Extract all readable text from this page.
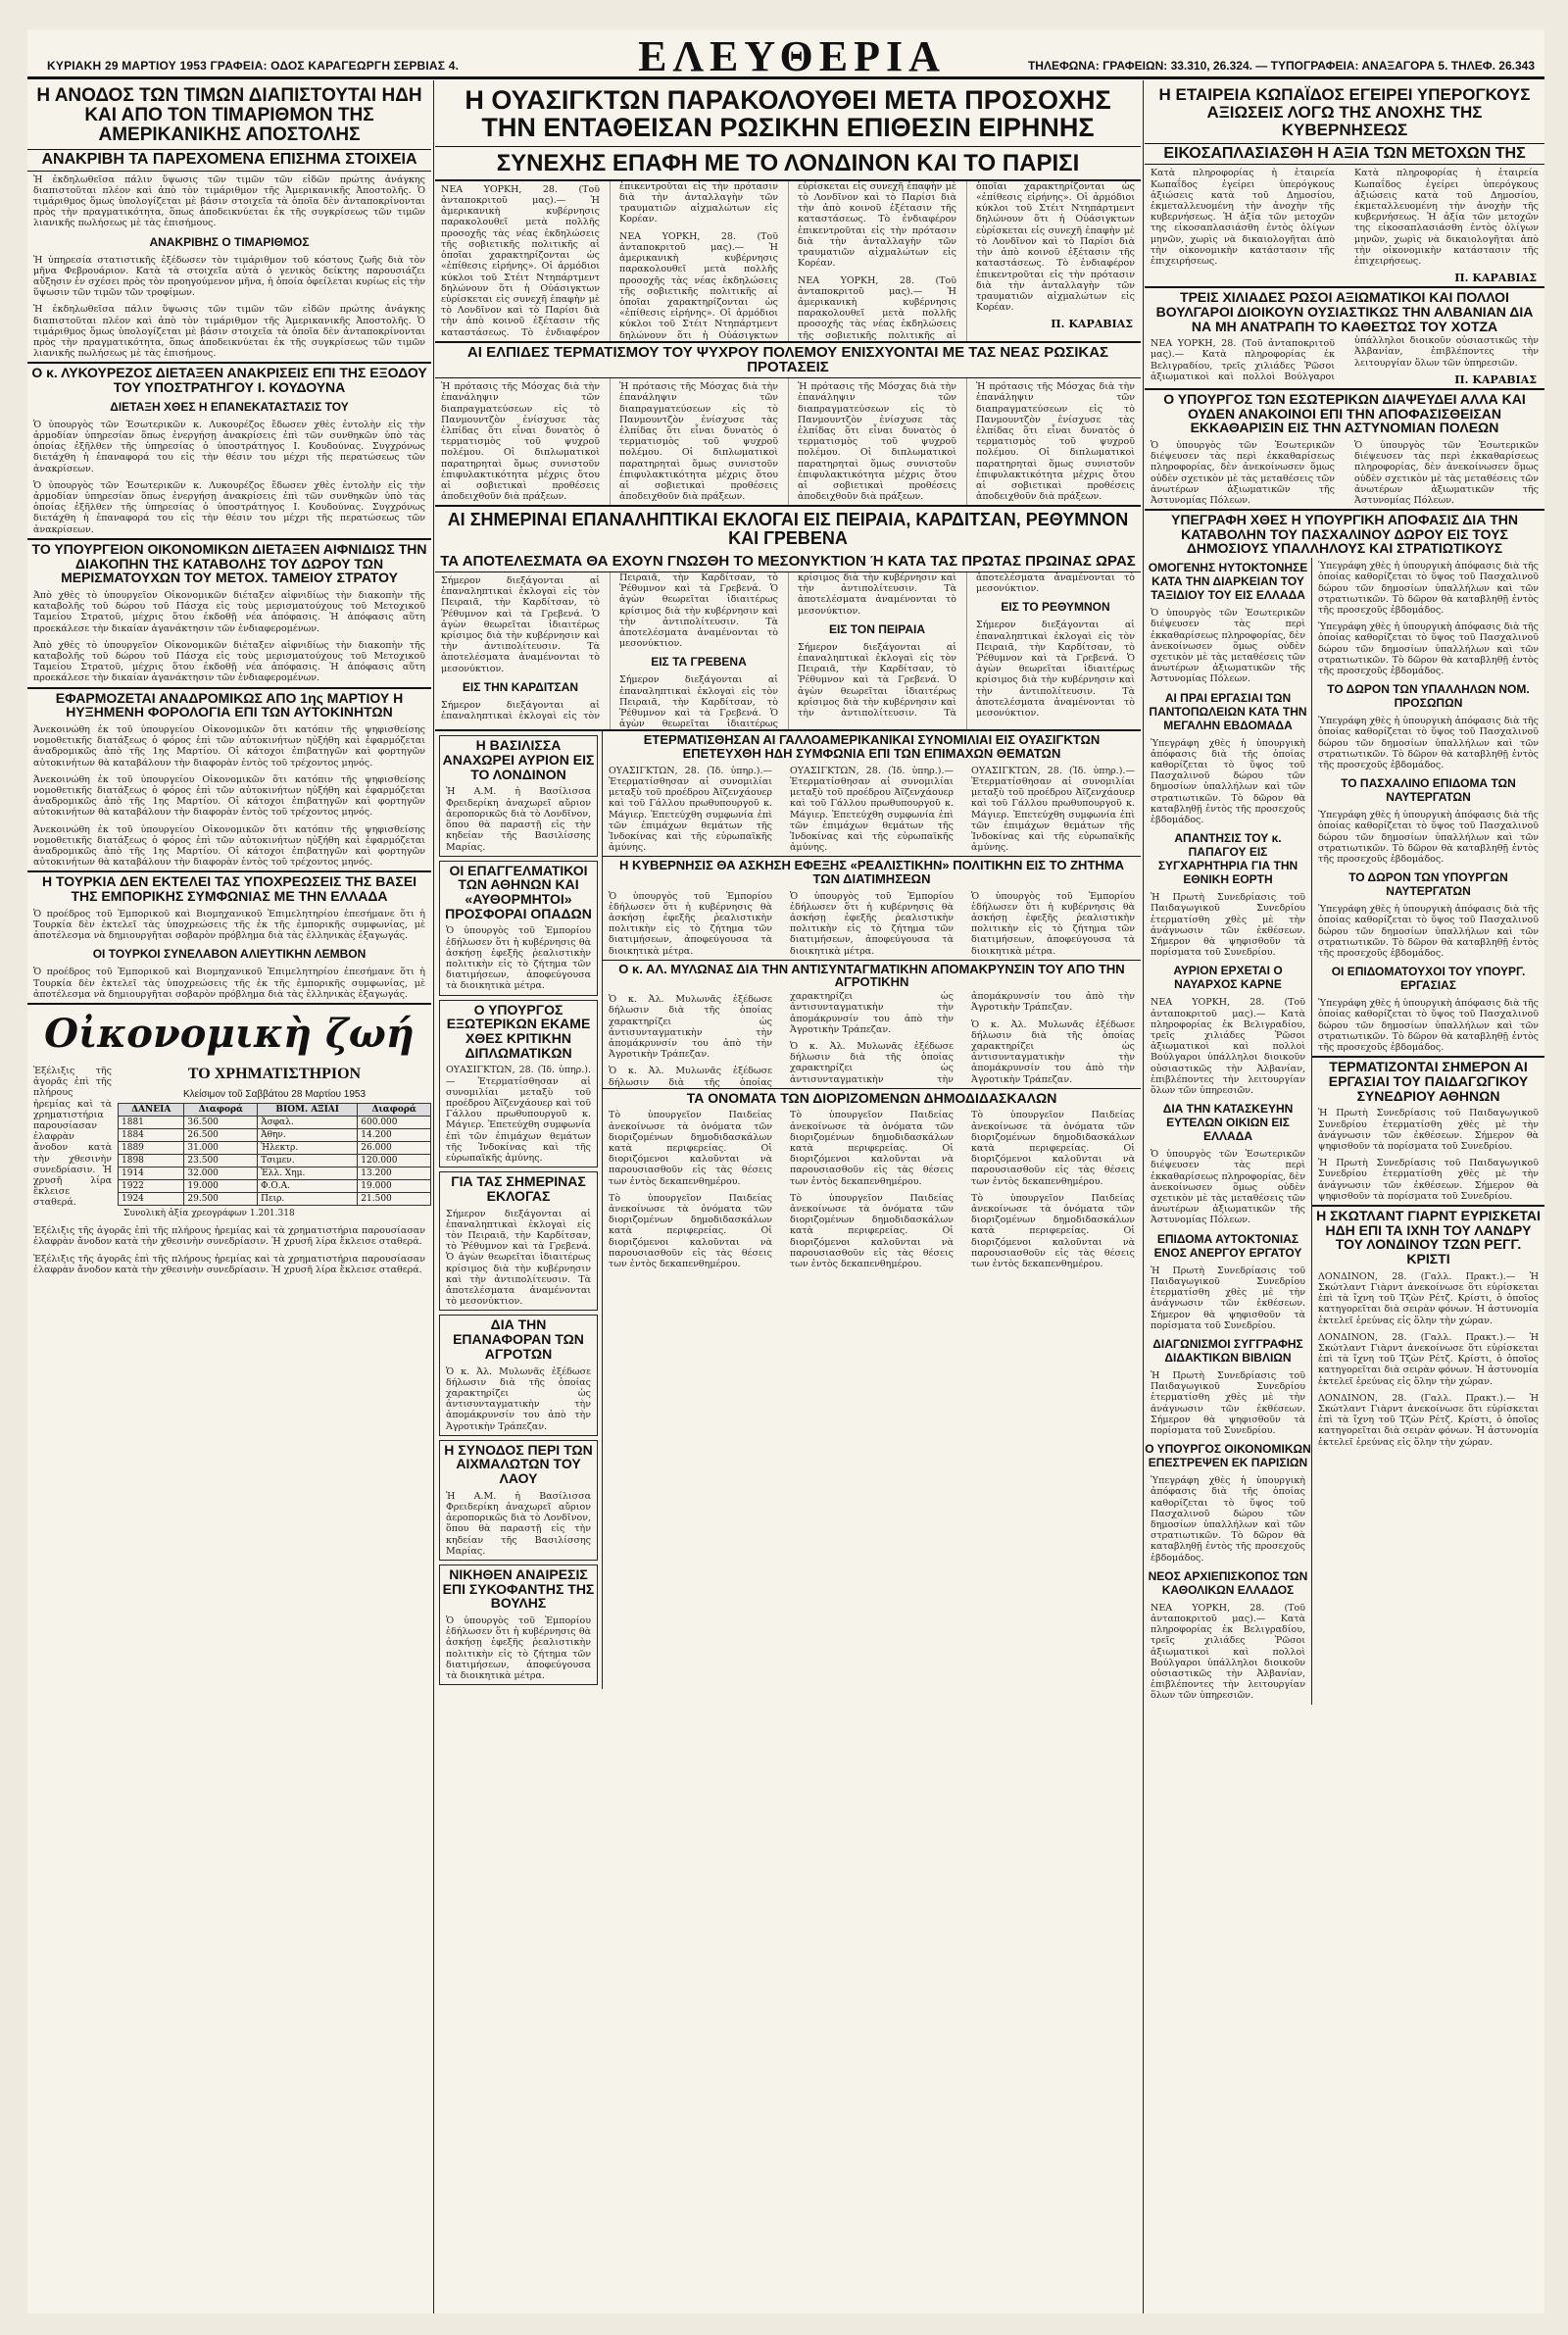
ΚΥΡΙΑΚΗ 29 ΜΑΡΤΙΟΥ 1953 ΓΡΑΦΕΙΑ: ΟΔΟΣ ΚΑΡΑΓΕΩΡΓΗ ΣΕΡΒΙΑΣ 4.	ΕΛΕΥΘΕΡΙΑ	ΤΗΛΕΦΩΝΑ: ΓΡΑΦΕΙΩΝ: 33.310, 26.324. — ΤΥΠΟΓΡΑΦΕΙΑ: ΑΝΑΞΑΓΟΡΑ 5. ΤΗΛΕΦ. 26.343
Η ΑΝΟΔΟΣ ΤΩΝ ΤΙΜΩΝ ΔΙΑΠΙΣΤΟΥΤΑΙ ΗΔΗ ΚΑΙ ΑΠΟ ΤΟΝ ΤΙΜΑΡΙΘΜΟΝ ΤΗΣ ΑΜΕΡΙΚΑΝΙΚΗΣ ΑΠΟΣΤΟΛΗΣ
ΑΝΑΚΡΙΒΗ ΤΑ ΠΑΡΕΧΟΜΕΝΑ ΕΠΙΣΗΜΑ ΣΤΟΙΧΕΙΑ

Ἡ ἐκδηλωθεῖσα πάλιν ὕψωσις τῶν τιμῶν τῶν εἰδῶν πρώτης ἀνάγκης διαπιστοῦται πλέον καὶ ἀπὸ τὸν τιμάριθμον τῆς Ἀμερικανικῆς Ἀποστολῆς. Ὁ τιμάριθμος ὅμως ὑπολογίζεται μὲ βάσιν στοιχεῖα τὰ ὁποῖα δὲν ἀνταποκρίνονται πρὸς τὴν πραγματικότητα, ὅπως ἀποδεικνύεται ἐκ τῆς συγκρίσεως τῶν τιμῶν λιανικῆς πωλήσεως μὲ τὰς ἐπισήμους.

ΑΝΑΚΡΙΒΗΣ Ο ΤΙΜΑΡΙΘΜΟΣ

Ἡ ὑπηρεσία στατιστικῆς ἐξέδωσεν τὸν τιμάριθμον τοῦ κόστους ζωῆς διὰ τὸν μῆνα Φεβρουάριον. Κατὰ τὰ στοιχεῖα αὐτὰ ὁ γενικὸς δείκτης παρουσιάζει αὔξησιν ἐν σχέσει πρὸς τὸν προηγούμενον μῆνα, ἡ ὁποία ὀφείλεται κυρίως εἰς τὴν ὕψωσιν τῶν τιμῶν τῶν τροφίμων.

Ἡ ἐκδηλωθεῖσα πάλιν ὕψωσις τῶν τιμῶν τῶν εἰδῶν πρώτης ἀνάγκης διαπιστοῦται πλέον καὶ ἀπὸ τὸν τιμάριθμον τῆς Ἀμερικανικῆς Ἀποστολῆς. Ὁ τιμάριθμος ὅμως ὑπολογίζεται μὲ βάσιν στοιχεῖα τὰ ὁποῖα δὲν ἀνταποκρίνονται πρὸς τὴν πραγματικότητα, ὅπως ἀποδεικνύεται ἐκ τῆς συγκρίσεως τῶν τιμῶν λιανικῆς πωλήσεως μὲ τὰς ἐπισήμους.

Ο κ. ΛΥΚΟΥΡΕΖΟΣ ΔΙΕΤΑΞΕΝ ΑΝΑΚΡΙΣΕΙΣ ΕΠΙ ΤΗΣ ΕΞΟΔΟΥ ΤΟΥ ΥΠΟΣΤΡΑΤΗΓΟΥ Ι. ΚΟΥΔΟΥΝΑ
ΔΙΕΤΑΞΗ ΧΘΕΣ Η ΕΠΑΝΕΚΑΤΑΣΤΑΣΙΣ ΤΟΥ

Ὁ ὑπουργὸς τῶν Ἐσωτερικῶν κ. Λυκουρέζος ἔδωσεν χθὲς ἐντολὴν εἰς τὴν ἀρμοδίαν ὑπηρεσίαν ὅπως ἐνεργήσῃ ἀνακρίσεις ἐπὶ τῶν συνθηκῶν ὑπὸ τὰς ὁποίας ἐξῆλθεν τῆς ὑπηρεσίας ὁ ὑποστράτηγος Ι. Κουδούνας. Συγχρόνως διετάχθη ἡ ἐπαναφορά του εἰς τὴν θέσιν του μέχρι τῆς περατώσεως τῶν ἀνακρίσεων.

Ὁ ὑπουργὸς τῶν Ἐσωτερικῶν κ. Λυκουρέζος ἔδωσεν χθὲς ἐντολὴν εἰς τὴν ἀρμοδίαν ὑπηρεσίαν ὅπως ἐνεργήσῃ ἀνακρίσεις ἐπὶ τῶν συνθηκῶν ὑπὸ τὰς ὁποίας ἐξῆλθεν τῆς ὑπηρεσίας ὁ ὑποστράτηγος Ι. Κουδούνας. Συγχρόνως διετάχθη ἡ ἐπαναφορά του εἰς τὴν θέσιν του μέχρι τῆς περατώσεως τῶν ἀνακρίσεων.

ΤΟ ΥΠΟΥΡΓΕΙΟΝ ΟΙΚΟΝΟΜΙΚΩΝ ΔΙΕΤΑΞΕΝ ΑΙΦΝΙΔΙΩΣ ΤΗΝ ΔΙΑΚΟΠΗΝ ΤΗΣ ΚΑΤΑΒΟΛΗΣ ΤΟΥ ΔΩΡΟΥ ΤΩΝ ΜΕΡΙΣΜΑΤΟΥΧΩΝ ΤΟΥ ΜΕΤΟΧ. ΤΑΜΕΙΟΥ ΣΤΡΑΤΟΥ

Ἀπὸ χθὲς τὸ ὑπουργεῖον Οἰκονομικῶν διέταξεν αἰφνιδίως τὴν διακοπὴν τῆς καταβολῆς τοῦ δώρου τοῦ Πάσχα εἰς τοὺς μερισματούχους τοῦ Μετοχικοῦ Ταμείου Στρατοῦ, μέχρις ὅτου ἐκδοθῇ νέα ἀπόφασις. Ἡ ἀπόφασις αὕτη προεκάλεσε τὴν δικαίαν ἀγανάκτησιν τῶν ἐνδιαφερομένων.

Ἀπὸ χθὲς τὸ ὑπουργεῖον Οἰκονομικῶν διέταξεν αἰφνιδίως τὴν διακοπὴν τῆς καταβολῆς τοῦ δώρου τοῦ Πάσχα εἰς τοὺς μερισματούχους τοῦ Μετοχικοῦ Ταμείου Στρατοῦ, μέχρις ὅτου ἐκδοθῇ νέα ἀπόφασις. Ἡ ἀπόφασις αὕτη προεκάλεσε τὴν δικαίαν ἀγανάκτησιν τῶν ἐνδιαφερομένων.

ΕΦΑΡΜΟΖΕΤΑΙ ΑΝΑΔΡΟΜΙΚΩΣ ΑΠΟ 1ης ΜΑΡΤΙΟΥ Η ΗΥΞΗΜΕΝΗ ΦΟΡΟΛΟΓΙΑ ΕΠΙ ΤΩΝ ΑΥΤΟΚΙΝΗΤΩΝ

Ἀνεκοινώθη ἐκ τοῦ ὑπουργείου Οἰκονομικῶν ὅτι κατόπιν τῆς ψηφισθείσης νομοθετικῆς διατάξεως ὁ φόρος ἐπὶ τῶν αὐτοκινήτων ηὐξήθη καὶ ἐφαρμόζεται ἀναδρομικῶς ἀπὸ τῆς 1ης Μαρτίου. Οἱ κάτοχοι ἐπιβατηγῶν καὶ φορτηγῶν αὐτοκινήτων θὰ καταβάλουν τὴν διαφορὰν ἐντὸς τοῦ τρέχοντος μηνός.

Ἀνεκοινώθη ἐκ τοῦ ὑπουργείου Οἰκονομικῶν ὅτι κατόπιν τῆς ψηφισθείσης νομοθετικῆς διατάξεως ὁ φόρος ἐπὶ τῶν αὐτοκινήτων ηὐξήθη καὶ ἐφαρμόζεται ἀναδρομικῶς ἀπὸ τῆς 1ης Μαρτίου. Οἱ κάτοχοι ἐπιβατηγῶν καὶ φορτηγῶν αὐτοκινήτων θὰ καταβάλουν τὴν διαφορὰν ἐντὸς τοῦ τρέχοντος μηνός.

Ἀνεκοινώθη ἐκ τοῦ ὑπουργείου Οἰκονομικῶν ὅτι κατόπιν τῆς ψηφισθείσης νομοθετικῆς διατάξεως ὁ φόρος ἐπὶ τῶν αὐτοκινήτων ηὐξήθη καὶ ἐφαρμόζεται ἀναδρομικῶς ἀπὸ τῆς 1ης Μαρτίου. Οἱ κάτοχοι ἐπιβατηγῶν καὶ φορτηγῶν αὐτοκινήτων θὰ καταβάλουν τὴν διαφορὰν ἐντὸς τοῦ τρέχοντος μηνός.

Η ΤΟΥΡΚΙΑ ΔΕΝ ΕΚΤΕΛΕΙ ΤΑΣ ΥΠΟΧΡΕΩΣΕΙΣ ΤΗΣ ΒΑΣΕΙ ΤΗΣ ΕΜΠΟΡΙΚΗΣ ΣΥΜΦΩΝΙΑΣ ΜΕ ΤΗΝ ΕΛΛΑΔΑ

Ὁ προέδρος τοῦ Ἐμπορικοῦ καὶ Βιομηχανικοῦ Ἐπιμελητηρίου ἐπεσήμανε ὅτι ἡ Τουρκία δὲν ἐκτελεῖ τὰς ὑποχρεώσεις τῆς ἐκ τῆς ἐμπορικῆς συμφωνίας, μὲ ἀποτέλεσμα νὰ δημιουργῆται σοβαρὸν πρόβλημα διὰ τὰς ἑλληνικὰς ἐξαγωγάς.

ΟΙ ΤΟΥΡΚΟΙ ΣΥΝΕΛΑΒΟΝ ΑΛΙΕΥΤΙΚΗΝ ΛΕΜΒΟΝ

Ὁ προέδρος τοῦ Ἐμπορικοῦ καὶ Βιομηχανικοῦ Ἐπιμελητηρίου ἐπεσήμανε ὅτι ἡ Τουρκία δὲν ἐκτελεῖ τὰς ὑποχρεώσεις τῆς ἐκ τῆς ἐμπορικῆς συμφωνίας, μὲ ἀποτέλεσμα νὰ δημιουργῆται σοβαρὸν πρόβλημα διὰ τὰς ἑλληνικὰς ἐξαγωγάς.

Οἰκονομικὴ ζωή

Ἐξέλιξις τῆς ἀγορᾶς ἐπὶ τῆς πλήρους ἠρεμίας καὶ τὰ χρηματιστήρια παρουσίασαν ἐλαφρὰν ἄνοδον κατὰ τὴν χθεσινὴν συνεδρίασιν. Ἡ χρυσῆ λίρα ἔκλεισε σταθερά.

ΤΟ ΧΡΗΜΑΤΙΣΤΗΡΙΟΝ
Κλείσιμον τοῦ Σαββάτου 28 Μαρτίου 1953
ΔΑΝΕΙΑ	Διαφορά	ΒΙΟΜ. ΑΞΙΑΙ	Διαφορά
1881	36.500	Ἀσφαλ.	600.000
1884	26.500	Ἀθην.	14.200
1889	31.000	Ἠλεκτρ.	26.000
1898	23.500	Τσιμεν.	120.000
1914	32.000	Ἑλλ. Χημ.	13.200
1922	19.000	Φ.Ο.Α.	19.000
1924	29.500	Πειρ.	21.500
Συνολικὴ ἀξία χρεογράφων 1.201.318

Ἐξέλιξις τῆς ἀγορᾶς ἐπὶ τῆς πλήρους ἠρεμίας καὶ τὰ χρηματιστήρια παρουσίασαν ἐλαφρὰν ἄνοδον κατὰ τὴν χθεσινὴν συνεδρίασιν. Ἡ χρυσῆ λίρα ἔκλεισε σταθερά.

Ἐξέλιξις τῆς ἀγορᾶς ἐπὶ τῆς πλήρους ἠρεμίας καὶ τὰ χρηματιστήρια παρουσίασαν ἐλαφρὰν ἄνοδον κατὰ τὴν χθεσινὴν συνεδρίασιν. Ἡ χρυσῆ λίρα ἔκλεισε σταθερά.

Η ΟΥΑΣΙΓΚΤΩΝ ΠΑΡΑΚΟΛΟΥΘΕΙ ΜΕΤΑ ΠΡΟΣΟΧΗΣ ΤΗΝ ΕΝΤΑΘΕΙΣΑΝ ΡΩΣΙΚΗΝ ΕΠΙΘΕΣΙΝ ΕΙΡΗΝΗΣ
ΣΥΝΕΧΗΣ ΕΠΑΦΗ ΜΕ ΤΟ ΛΟΝΔΙΝΟΝ ΚΑΙ ΤΟ ΠΑΡΙΣΙ

ΝΕΑ ΥΟΡΚΗ, 28. (Τοῦ ἀνταποκριτοῦ μας).— Ἡ ἀμερικανικὴ κυβέρνησις παρακολουθεῖ μετὰ πολλῆς προσοχῆς τὰς νέας ἐκδηλώσεις τῆς σοβιετικῆς πολιτικῆς αἱ ὁποῖαι χαρακτηρίζονται ὡς «ἐπίθεσις εἰρήνης». Οἱ ἁρμόδιοι κύκλοι τοῦ Στέιτ Ντηπάρτμεντ δηλώνουν ὅτι ἡ Οὐάσιγκτων εὑρίσκεται εἰς συνεχῆ ἐπαφὴν μὲ τὸ Λονδῖνον καὶ τὸ Παρίσι διὰ τὴν ἀπὸ κοινοῦ ἐξέτασιν τῆς καταστάσεως. Τὸ ἐνδιαφέρον ἐπικεντροῦται εἰς τὴν πρότασιν διὰ τὴν ἀνταλλαγὴν τῶν τραυματιῶν αἰχμαλώτων εἰς Κορέαν.

ΝΕΑ ΥΟΡΚΗ, 28. (Τοῦ ἀνταποκριτοῦ μας).— Ἡ ἀμερικανικὴ κυβέρνησις παρακολουθεῖ μετὰ πολλῆς προσοχῆς τὰς νέας ἐκδηλώσεις τῆς σοβιετικῆς πολιτικῆς αἱ ὁποῖαι χαρακτηρίζονται ὡς «ἐπίθεσις εἰρήνης». Οἱ ἁρμόδιοι κύκλοι τοῦ Στέιτ Ντηπάρτμεντ δηλώνουν ὅτι ἡ Οὐάσιγκτων εὑρίσκεται εἰς συνεχῆ ἐπαφὴν μὲ τὸ Λονδῖνον καὶ τὸ Παρίσι διὰ τὴν ἀπὸ κοινοῦ ἐξέτασιν τῆς καταστάσεως. Τὸ ἐνδιαφέρον ἐπικεντροῦται εἰς τὴν πρότασιν διὰ τὴν ἀνταλλαγὴν τῶν τραυματιῶν αἰχμαλώτων εἰς Κορέαν.

ΝΕΑ ΥΟΡΚΗ, 28. (Τοῦ ἀνταποκριτοῦ μας).— Ἡ ἀμερικανικὴ κυβέρνησις παρακολουθεῖ μετὰ πολλῆς προσοχῆς τὰς νέας ἐκδηλώσεις τῆς σοβιετικῆς πολιτικῆς αἱ ὁποῖαι χαρακτηρίζονται ὡς «ἐπίθεσις εἰρήνης». Οἱ ἁρμόδιοι κύκλοι τοῦ Στέιτ Ντηπάρτμεντ δηλώνουν ὅτι ἡ Οὐάσιγκτων εὑρίσκεται εἰς συνεχῆ ἐπαφὴν μὲ τὸ Λονδῖνον καὶ τὸ Παρίσι διὰ τὴν ἀπὸ κοινοῦ ἐξέτασιν τῆς καταστάσεως. Τὸ ἐνδιαφέρον ἐπικεντροῦται εἰς τὴν πρότασιν διὰ τὴν ἀνταλλαγὴν τῶν τραυματιῶν αἰχμαλώτων εἰς Κορέαν.

Π. ΚΑΡΑΒΙΑΣ
ΑΙ ΕΛΠΙΔΕΣ ΤΕΡΜΑΤΙΣΜΟΥ ΤΟΥ ΨΥΧΡΟΥ ΠΟΛΕΜΟΥ ΕΝΙΣΧΥΟΝΤΑΙ ΜΕ ΤΑΣ ΝΕΑΣ ΡΩΣΙΚΑΣ ΠΡΟΤΑΣΕΙΣ

Ἡ πρότασις τῆς Μόσχας διὰ τὴν ἐπανάληψιν τῶν διαπραγματεύσεων εἰς τὸ Πανμουντζὸν ἐνίσχυσε τὰς ἐλπίδας ὅτι εἶναι δυνατὸς ὁ τερματισμὸς τοῦ ψυχροῦ πολέμου. Οἱ διπλωματικοὶ παρατηρηταὶ ὅμως συνιστοῦν ἐπιφυλακτικότητα μέχρις ὅτου αἱ σοβιετικαὶ προθέσεις ἀποδειχθοῦν διὰ πράξεων.

Ἡ πρότασις τῆς Μόσχας διὰ τὴν ἐπανάληψιν τῶν διαπραγματεύσεων εἰς τὸ Πανμουντζὸν ἐνίσχυσε τὰς ἐλπίδας ὅτι εἶναι δυνατὸς ὁ τερματισμὸς τοῦ ψυχροῦ πολέμου. Οἱ διπλωματικοὶ παρατηρηταὶ ὅμως συνιστοῦν ἐπιφυλακτικότητα μέχρις ὅτου αἱ σοβιετικαὶ προθέσεις ἀποδειχθοῦν διὰ πράξεων.

Ἡ πρότασις τῆς Μόσχας διὰ τὴν ἐπανάληψιν τῶν διαπραγματεύσεων εἰς τὸ Πανμουντζὸν ἐνίσχυσε τὰς ἐλπίδας ὅτι εἶναι δυνατὸς ὁ τερματισμὸς τοῦ ψυχροῦ πολέμου. Οἱ διπλωματικοὶ παρατηρηταὶ ὅμως συνιστοῦν ἐπιφυλακτικότητα μέχρις ὅτου αἱ σοβιετικαὶ προθέσεις ἀποδειχθοῦν διὰ πράξεων.

Ἡ πρότασις τῆς Μόσχας διὰ τὴν ἐπανάληψιν τῶν διαπραγματεύσεων εἰς τὸ Πανμουντζὸν ἐνίσχυσε τὰς ἐλπίδας ὅτι εἶναι δυνατὸς ὁ τερματισμὸς τοῦ ψυχροῦ πολέμου. Οἱ διπλωματικοὶ παρατηρηταὶ ὅμως συνιστοῦν ἐπιφυλακτικότητα μέχρις ὅτου αἱ σοβιετικαὶ προθέσεις ἀποδειχθοῦν διὰ πράξεων.

ΑΙ ΣΗΜΕΡΙΝΑΙ ΕΠΑΝΑΛΗΠΤΙΚΑΙ ΕΚΛΟΓΑΙ ΕΙΣ ΠΕΙΡΑΙΑ, ΚΑΡΔΙΤΣΑΝ, ΡΕΘΥΜΝΟΝ ΚΑΙ ΓΡΕΒΕΝΑ
ΤΑ ΑΠΟΤΕΛΕΣΜΑΤΑ ΘΑ ΕΧΟΥΝ ΓΝΩΣΘΗ ΤΟ ΜΕΣΟΝΥΚΤΙΟΝ Ή ΚΑΤΑ ΤΑΣ ΠΡΩΤΑΣ ΠΡΩΙΝΑΣ ΩΡΑΣ

Σήμερον διεξάγονται αἱ ἐπαναληπτικαὶ ἐκλογαὶ εἰς τὸν Πειραιᾶ, τὴν Καρδίτσαν, τὸ Ῥέθυμνον καὶ τὰ Γρεβενά. Ὁ ἀγὼν θεωρεῖται ἰδιαιτέρως κρίσιμος διὰ τὴν κυβέρνησιν καὶ τὴν ἀντιπολίτευσιν. Τὰ ἀποτελέσματα ἀναμένονται τὸ μεσονύκτιον.

ΕΙΣ ΤΗΝ ΚΑΡΔΙΤΣΑΝ

Σήμερον διεξάγονται αἱ ἐπαναληπτικαὶ ἐκλογαὶ εἰς τὸν Πειραιᾶ, τὴν Καρδίτσαν, τὸ Ῥέθυμνον καὶ τὰ Γρεβενά. Ὁ ἀγὼν θεωρεῖται ἰδιαιτέρως κρίσιμος διὰ τὴν κυβέρνησιν καὶ τὴν ἀντιπολίτευσιν. Τὰ ἀποτελέσματα ἀναμένονται τὸ μεσονύκτιον.

ΕΙΣ ΤΑ ΓΡΕΒΕΝΑ

Σήμερον διεξάγονται αἱ ἐπαναληπτικαὶ ἐκλογαὶ εἰς τὸν Πειραιᾶ, τὴν Καρδίτσαν, τὸ Ῥέθυμνον καὶ τὰ Γρεβενά. Ὁ ἀγὼν θεωρεῖται ἰδιαιτέρως κρίσιμος διὰ τὴν κυβέρνησιν καὶ τὴν ἀντιπολίτευσιν. Τὰ ἀποτελέσματα ἀναμένονται τὸ μεσονύκτιον.

ΕΙΣ ΤΟΝ ΠΕΙΡΑΙΑ

Σήμερον διεξάγονται αἱ ἐπαναληπτικαὶ ἐκλογαὶ εἰς τὸν Πειραιᾶ, τὴν Καρδίτσαν, τὸ Ῥέθυμνον καὶ τὰ Γρεβενά. Ὁ ἀγὼν θεωρεῖται ἰδιαιτέρως κρίσιμος διὰ τὴν κυβέρνησιν καὶ τὴν ἀντιπολίτευσιν. Τὰ ἀποτελέσματα ἀναμένονται τὸ μεσονύκτιον.

ΕΙΣ ΤΟ ΡΕΘΥΜΝΟΝ

Σήμερον διεξάγονται αἱ ἐπαναληπτικαὶ ἐκλογαὶ εἰς τὸν Πειραιᾶ, τὴν Καρδίτσαν, τὸ Ῥέθυμνον καὶ τὰ Γρεβενά. Ὁ ἀγὼν θεωρεῖται ἰδιαιτέρως κρίσιμος διὰ τὴν κυβέρνησιν καὶ τὴν ἀντιπολίτευσιν. Τὰ ἀποτελέσματα ἀναμένονται τὸ μεσονύκτιον.

Η ΒΑΣΙΛΙΣΣΑ ΑΝΑΧΩΡΕΙ ΑΥΡΙΟΝ ΕΙΣ ΤΟ ΛΟΝΔΙΝΟΝ

Ἡ Α.Μ. ἡ Βασίλισσα Φρειδερίκη ἀναχωρεῖ αὔριον ἀεροπορικῶς διὰ τὸ Λονδῖνον, ὅπου θὰ παραστῇ εἰς τὴν κηδείαν τῆς Βασιλίσσης Μαρίας.

ΟΙ ΕΠΑΓΓΕΛΜΑΤΙΚΟΙ ΤΩΝ ΑΘΗΝΩΝ ΚΑΙ «ΑΥΘΟΡΜΗΤΟΙ» ΠΡΟΣΦΟΡΑΙ ΟΠΑΔΩΝ

Ὁ ὑπουργὸς τοῦ Ἐμπορίου ἐδήλωσεν ὅτι ἡ κυβέρνησις θὰ ἀσκήσῃ ἐφεξῆς ῥεαλιστικὴν πολιτικὴν εἰς τὸ ζήτημα τῶν διατιμήσεων, ἀποφεύγουσα τὰ διοικητικὰ μέτρα.

Ο ΥΠΟΥΡΓΟΣ ΕΞΩΤΕΡΙΚΩΝ ΕΚΑΜΕ ΧΘΕΣ ΚΡΙΤΙΚΗΝ ΔΙΠΛΩΜΑΤΙΚΩΝ

ΟΥΑΣΙΓΚΤΩΝ, 28. (Ἰδ. ὑπηρ.).— Ἐτερματίσθησαν αἱ συνομιλίαι μεταξὺ τοῦ προέδρου Ἀϊζενχάουερ καὶ τοῦ Γάλλου πρωθυπουργοῦ κ. Μάγιερ. Ἐπετεύχθη συμφωνία ἐπὶ τῶν ἐπιμάχων θεμάτων τῆς Ἰνδοκίνας καὶ τῆς εὐρωπαϊκῆς ἀμύνης.

ΓΙΑ ΤΑΣ ΣΗΜΕΡΙΝΑΣ ΕΚΛΟΓΑΣ

Σήμερον διεξάγονται αἱ ἐπαναληπτικαὶ ἐκλογαὶ εἰς τὸν Πειραιᾶ, τὴν Καρδίτσαν, τὸ Ῥέθυμνον καὶ τὰ Γρεβενά. Ὁ ἀγὼν θεωρεῖται ἰδιαιτέρως κρίσιμος διὰ τὴν κυβέρνησιν καὶ τὴν ἀντιπολίτευσιν. Τὰ ἀποτελέσματα ἀναμένονται τὸ μεσονύκτιον.

ΔΙΑ ΤΗΝ ΕΠΑΝΑΦΟΡΑΝ ΤΩΝ ΑΓΡΟΤΩΝ

Ὁ κ. Ἀλ. Μυλωνᾶς ἐξέδωσε δήλωσιν διὰ τῆς ὁποίας χαρακτηρίζει ὡς ἀντισυνταγματικὴν τὴν ἀπομάκρυνσίν του ἀπὸ τὴν Ἀγροτικὴν Τράπεζαν.

Η ΣΥΝΟΔΟΣ ΠΕΡΙ ΤΩΝ ΑΙΧΜΑΛΩΤΩΝ ΤΟΥ ΛΑΟΥ

Ἡ Α.Μ. ἡ Βασίλισσα Φρειδερίκη ἀναχωρεῖ αὔριον ἀεροπορικῶς διὰ τὸ Λονδῖνον, ὅπου θὰ παραστῇ εἰς τὴν κηδείαν τῆς Βασιλίσσης Μαρίας.

ΝΙΚΗΘΕΝ ΑΝΑΙΡΕΣΙΣ ΕΠΙ ΣΥΚΟΦΑΝΤΗΣ ΤΗΣ ΒΟΥΛΗΣ

Ὁ ὑπουργὸς τοῦ Ἐμπορίου ἐδήλωσεν ὅτι ἡ κυβέρνησις θὰ ἀσκήσῃ ἐφεξῆς ῥεαλιστικὴν πολιτικὴν εἰς τὸ ζήτημα τῶν διατιμήσεων, ἀποφεύγουσα τὰ διοικητικὰ μέτρα.

ΕΤΕΡΜΑΤΙΣΘΗΣΑΝ ΑΙ ΓΑΛΛΟΑΜΕΡΙΚΑΝΙΚΑΙ ΣΥΝΟΜΙΛΙΑΙ ΕΙΣ ΟΥΑΣΙΓΚΤΩΝ ΕΠΕΤΕΥΧΘΗ ΗΔΗ ΣΥΜΦΩΝΙΑ ΕΠΙ ΤΩΝ ΕΠΙΜΑΧΩΝ ΘΕΜΑΤΩΝ

ΟΥΑΣΙΓΚΤΩΝ, 28. (Ἰδ. ὑπηρ.).— Ἐτερματίσθησαν αἱ συνομιλίαι μεταξὺ τοῦ προέδρου Ἀϊζενχάουερ καὶ τοῦ Γάλλου πρωθυπουργοῦ κ. Μάγιερ. Ἐπετεύχθη συμφωνία ἐπὶ τῶν ἐπιμάχων θεμάτων τῆς Ἰνδοκίνας καὶ τῆς εὐρωπαϊκῆς ἀμύνης.

ΟΥΑΣΙΓΚΤΩΝ, 28. (Ἰδ. ὑπηρ.).— Ἐτερματίσθησαν αἱ συνομιλίαι μεταξὺ τοῦ προέδρου Ἀϊζενχάουερ καὶ τοῦ Γάλλου πρωθυπουργοῦ κ. Μάγιερ. Ἐπετεύχθη συμφωνία ἐπὶ τῶν ἐπιμάχων θεμάτων τῆς Ἰνδοκίνας καὶ τῆς εὐρωπαϊκῆς ἀμύνης.

ΟΥΑΣΙΓΚΤΩΝ, 28. (Ἰδ. ὑπηρ.).— Ἐτερματίσθησαν αἱ συνομιλίαι μεταξὺ τοῦ προέδρου Ἀϊζενχάουερ καὶ τοῦ Γάλλου πρωθυπουργοῦ κ. Μάγιερ. Ἐπετεύχθη συμφωνία ἐπὶ τῶν ἐπιμάχων θεμάτων τῆς Ἰνδοκίνας καὶ τῆς εὐρωπαϊκῆς ἀμύνης.

Η ΚΥΒΕΡΝΗΣΙΣ ΘΑ ΑΣΚΗΣΗ ΕΦΕΞΗΣ «ΡΕΑΛΙΣΤΙΚΗΝ» ΠΟΛΙΤΙΚΗΝ ΕΙΣ ΤΟ ΖΗΤΗΜΑ ΤΩΝ ΔΙΑΤΙΜΗΣΕΩΝ

Ὁ ὑπουργὸς τοῦ Ἐμπορίου ἐδήλωσεν ὅτι ἡ κυβέρνησις θὰ ἀσκήσῃ ἐφεξῆς ῥεαλιστικὴν πολιτικὴν εἰς τὸ ζήτημα τῶν διατιμήσεων, ἀποφεύγουσα τὰ διοικητικὰ μέτρα.

Ὁ ὑπουργὸς τοῦ Ἐμπορίου ἐδήλωσεν ὅτι ἡ κυβέρνησις θὰ ἀσκήσῃ ἐφεξῆς ῥεαλιστικὴν πολιτικὴν εἰς τὸ ζήτημα τῶν διατιμήσεων, ἀποφεύγουσα τὰ διοικητικὰ μέτρα.

Ὁ ὑπουργὸς τοῦ Ἐμπορίου ἐδήλωσεν ὅτι ἡ κυβέρνησις θὰ ἀσκήσῃ ἐφεξῆς ῥεαλιστικὴν πολιτικὴν εἰς τὸ ζήτημα τῶν διατιμήσεων, ἀποφεύγουσα τὰ διοικητικὰ μέτρα.

Ο κ. ΑΛ. ΜΥΛΩΝΑΣ ΔΙΑ ΤΗΝ ΑΝΤΙΣΥΝΤΑΓΜΑΤΙΚΗΝ ΑΠΟΜΑΚΡΥΝΣΙΝ ΤΟΥ ΑΠΟ ΤΗΝ ΑΓΡΟΤΙΚΗΝ

Ὁ κ. Ἀλ. Μυλωνᾶς ἐξέδωσε δήλωσιν διὰ τῆς ὁποίας χαρακτηρίζει ὡς ἀντισυνταγματικὴν τὴν ἀπομάκρυνσίν του ἀπὸ τὴν Ἀγροτικὴν Τράπεζαν.

Ὁ κ. Ἀλ. Μυλωνᾶς ἐξέδωσε δήλωσιν διὰ τῆς ὁποίας χαρακτηρίζει ὡς ἀντισυνταγματικὴν τὴν ἀπομάκρυνσίν του ἀπὸ τὴν Ἀγροτικὴν Τράπεζαν.

Ὁ κ. Ἀλ. Μυλωνᾶς ἐξέδωσε δήλωσιν διὰ τῆς ὁποίας χαρακτηρίζει ὡς ἀντισυνταγματικὴν τὴν ἀπομάκρυνσίν του ἀπὸ τὴν Ἀγροτικὴν Τράπεζαν.

Ὁ κ. Ἀλ. Μυλωνᾶς ἐξέδωσε δήλωσιν διὰ τῆς ὁποίας χαρακτηρίζει ὡς ἀντισυνταγματικὴν τὴν ἀπομάκρυνσίν του ἀπὸ τὴν Ἀγροτικὴν Τράπεζαν.

ΤΑ ΟΝΟΜΑΤΑ ΤΩΝ ΔΙΟΡΙΖΟΜΕΝΩΝ ΔΗΜΟΔΙΔΑΣΚΑΛΩΝ

Τὸ ὑπουργεῖον Παιδείας ἀνεκοίνωσε τὰ ὀνόματα τῶν διοριζομένων δημοδιδασκάλων κατὰ περιφερείας. Οἱ διοριζόμενοι καλοῦνται νὰ παρουσιασθοῦν εἰς τὰς θέσεις των ἐντὸς δεκαπενθημέρου.

Τὸ ὑπουργεῖον Παιδείας ἀνεκοίνωσε τὰ ὀνόματα τῶν διοριζομένων δημοδιδασκάλων κατὰ περιφερείας. Οἱ διοριζόμενοι καλοῦνται νὰ παρουσιασθοῦν εἰς τὰς θέσεις των ἐντὸς δεκαπενθημέρου.

Τὸ ὑπουργεῖον Παιδείας ἀνεκοίνωσε τὰ ὀνόματα τῶν διοριζομένων δημοδιδασκάλων κατὰ περιφερείας. Οἱ διοριζόμενοι καλοῦνται νὰ παρουσιασθοῦν εἰς τὰς θέσεις των ἐντὸς δεκαπενθημέρου.

Τὸ ὑπουργεῖον Παιδείας ἀνεκοίνωσε τὰ ὀνόματα τῶν διοριζομένων δημοδιδασκάλων κατὰ περιφερείας. Οἱ διοριζόμενοι καλοῦνται νὰ παρουσιασθοῦν εἰς τὰς θέσεις των ἐντὸς δεκαπενθημέρου.

Τὸ ὑπουργεῖον Παιδείας ἀνεκοίνωσε τὰ ὀνόματα τῶν διοριζομένων δημοδιδασκάλων κατὰ περιφερείας. Οἱ διοριζόμενοι καλοῦνται νὰ παρουσιασθοῦν εἰς τὰς θέσεις των ἐντὸς δεκαπενθημέρου.

Τὸ ὑπουργεῖον Παιδείας ἀνεκοίνωσε τὰ ὀνόματα τῶν διοριζομένων δημοδιδασκάλων κατὰ περιφερείας. Οἱ διοριζόμενοι καλοῦνται νὰ παρουσιασθοῦν εἰς τὰς θέσεις των ἐντὸς δεκαπενθημέρου.

Η ΕΤΑΙΡΕΙΑ ΚΩΠΑΪΔΟΣ ΕΓΕΙΡΕΙ ΥΠΕΡΟΓΚΟΥΣ ΑΞΙΩΣΕΙΣ ΛΟΓΩ ΤΗΣ ΑΝΟΧΗΣ ΤΗΣ ΚΥΒΕΡΝΗΣΕΩΣ
ΕΙΚΟΣΑΠΛΑΣΙΑΣΘΗ Η ΑΞΙΑ ΤΩΝ ΜΕΤΟΧΩΝ ΤΗΣ

Κατὰ πληροφορίας ἡ ἑταιρεία Κωπαΐδος ἐγείρει ὑπερόγκους ἀξιώσεις κατὰ τοῦ Δημοσίου, ἐκμεταλλευομένη τὴν ἀνοχὴν τῆς κυβερνήσεως. Ἡ ἀξία τῶν μετοχῶν της εἰκοσαπλασιάσθη ἐντὸς ὀλίγων μηνῶν, χωρὶς νὰ δικαιολογῆται ἀπὸ τὴν οἰκονομικὴν κατάστασιν τῆς ἐπιχειρήσεως.

Κατὰ πληροφορίας ἡ ἑταιρεία Κωπαΐδος ἐγείρει ὑπερόγκους ἀξιώσεις κατὰ τοῦ Δημοσίου, ἐκμεταλλευομένη τὴν ἀνοχὴν τῆς κυβερνήσεως. Ἡ ἀξία τῶν μετοχῶν της εἰκοσαπλασιάσθη ἐντὸς ὀλίγων μηνῶν, χωρὶς νὰ δικαιολογῆται ἀπὸ τὴν οἰκονομικὴν κατάστασιν τῆς ἐπιχειρήσεως.

Π. ΚΑΡΑΒΙΑΣ
ΤΡΕΙΣ ΧΙΛΙΑΔΕΣ ΡΩΣΟΙ ΑΞΙΩΜΑΤΙΚΟΙ ΚΑΙ ΠΟΛΛΟΙ ΒΟΥΛΓΑΡΟΙ ΔΙΟΙΚΟΥΝ ΟΥΣΙΑΣΤΙΚΩΣ ΤΗΝ ΑΛΒΑΝΙΑΝ ΔΙΑ ΝΑ ΜΗ ΑΝΑΤΡΑΠΗ ΤΟ ΚΑΘΕΣΤΩΣ ΤΟΥ ΧΟΤΖΑ

ΝΕΑ ΥΟΡΚΗ, 28. (Τοῦ ἀνταποκριτοῦ μας).— Κατὰ πληροφορίας ἐκ Βελιγραδίου, τρεῖς χιλιάδες Ῥῶσοι ἀξιωματικοὶ καὶ πολλοὶ Βούλγαροι ὑπάλληλοι διοικοῦν οὐσιαστικῶς τὴν Ἀλβανίαν, ἐπιβλέποντες τὴν λειτουργίαν ὅλων τῶν ὑπηρεσιῶν.

Π. ΚΑΡΑΒΙΑΣ
Ο ΥΠΟΥΡΓΟΣ ΤΩΝ ΕΣΩΤΕΡΙΚΩΝ ΔΙΑΨΕΥΔΕΙ ΑΛΛΑ ΚΑΙ ΟΥΔΕΝ ΑΝΑΚΟΙΝΟΙ ΕΠΙ ΤΗΝ ΑΠΟΦΑΣΙΣΘΕΙΣΑΝ ΕΚΚΑΘΑΡΙΣΙΝ ΕΙΣ ΤΗΝ ΑΣΤΥΝΟΜΙΑΝ ΠΟΛΕΩΝ

Ὁ ὑπουργὸς τῶν Ἐσωτερικῶν διέψευσεν τὰς περὶ ἐκκαθαρίσεως πληροφορίας, δὲν ἀνεκοίνωσεν ὅμως οὐδὲν σχετικὸν μὲ τὰς μεταθέσεις τῶν ἀνωτέρων ἀξιωματικῶν τῆς Ἀστυνομίας Πόλεων.

Ὁ ὑπουργὸς τῶν Ἐσωτερικῶν διέψευσεν τὰς περὶ ἐκκαθαρίσεως πληροφορίας, δὲν ἀνεκοίνωσεν ὅμως οὐδὲν σχετικὸν μὲ τὰς μεταθέσεις τῶν ἀνωτέρων ἀξιωματικῶν τῆς Ἀστυνομίας Πόλεων.

ΥΠΕΓΡΑΦΗ ΧΘΕΣ Η ΥΠΟΥΡΓΙΚΗ ΑΠΟΦΑΣΙΣ ΔΙΑ ΤΗΝ ΚΑΤΑΒΟΛΗΝ ΤΟΥ ΠΑΣΧΑΛΙΝΟΥ ΔΩΡΟΥ ΕΙΣ ΤΟΥΣ ΔΗΜΟΣΙΟΥΣ ΥΠΑΛΛΗΛΟΥΣ ΚΑΙ ΣΤΡΑΤΙΩΤΙΚΟΥΣ
ΟΜΟΓΕΝΗΣ ΗΥΤΟΚΤΟΝΗΣΕ ΚΑΤΑ ΤΗΝ ΔΙΑΡΚΕΙΑΝ ΤΟΥ ΤΑΞΙΔΙΟΥ ΤΟΥ ΕΙΣ ΕΛΛΑΔΑ

Ὁ ὑπουργὸς τῶν Ἐσωτερικῶν διέψευσεν τὰς περὶ ἐκκαθαρίσεως πληροφορίας, δὲν ἀνεκοίνωσεν ὅμως οὐδὲν σχετικὸν μὲ τὰς μεταθέσεις τῶν ἀνωτέρων ἀξιωματικῶν τῆς Ἀστυνομίας Πόλεων.

ΑΙ ΠΡΑΙ ΕΡΓΑΣΙΑΙ ΤΩΝ ΠΑΝΤΟΠΩΛΕΙΩΝ ΚΑΤΑ ΤΗΝ ΜΕΓΑΛΗΝ ΕΒΔΟΜΑΔΑ

Ὑπεγράφη χθὲς ἡ ὑπουργικὴ ἀπόφασις διὰ τῆς ὁποίας καθορίζεται τὸ ὕψος τοῦ Πασχαλινοῦ δώρου τῶν δημοσίων ὑπαλλήλων καὶ τῶν στρατιωτικῶν. Τὸ δῶρον θὰ καταβληθῇ ἐντὸς τῆς προσεχοῦς ἑβδομάδος.

ΑΠΑΝΤΗΣΙΣ ΤΟΥ κ. ΠΑΠΑΓΟΥ ΕΙΣ ΣΥΓΧΑΡΗΤΗΡΙΑ ΓΙΑ ΤΗΝ ΕΘΝΙΚΗ ΕΟΡΤΗ

Ἡ Πρωτὴ Συνεδρίασις τοῦ Παιδαγωγικοῦ Συνεδρίου ἐτερματίσθη χθὲς μὲ τὴν ἀνάγνωσιν τῶν ἐκθέσεων. Σήμερον θὰ ψηφισθοῦν τὰ πορίσματα τοῦ Συνεδρίου.

ΑΥΡΙΟΝ ΕΡΧΕΤΑΙ Ο ΝΑΥΑΡΧΟΣ ΚΑΡΝΕ

ΝΕΑ ΥΟΡΚΗ, 28. (Τοῦ ἀνταποκριτοῦ μας).— Κατὰ πληροφορίας ἐκ Βελιγραδίου, τρεῖς χιλιάδες Ῥῶσοι ἀξιωματικοὶ καὶ πολλοὶ Βούλγαροι ὑπάλληλοι διοικοῦν οὐσιαστικῶς τὴν Ἀλβανίαν, ἐπιβλέποντες τὴν λειτουργίαν ὅλων τῶν ὑπηρεσιῶν.

ΔΙΑ ΤΗΝ ΚΑΤΑΣΚΕΥΗΝ ΕΥΤΕΛΩΝ ΟΙΚΙΩΝ ΕΙΣ ΕΛΛΑΔΑ

Ὁ ὑπουργὸς τῶν Ἐσωτερικῶν διέψευσεν τὰς περὶ ἐκκαθαρίσεως πληροφορίας, δὲν ἀνεκοίνωσεν ὅμως οὐδὲν σχετικὸν μὲ τὰς μεταθέσεις τῶν ἀνωτέρων ἀξιωματικῶν τῆς Ἀστυνομίας Πόλεων.

ΕΠΙΔΟΜΑ ΑΥΤΟΚΤΟΝΙΑΣ ΕΝΟΣ ΑΝΕΡΓΟΥ ΕΡΓΑΤΟΥ

Ἡ Πρωτὴ Συνεδρίασις τοῦ Παιδαγωγικοῦ Συνεδρίου ἐτερματίσθη χθὲς μὲ τὴν ἀνάγνωσιν τῶν ἐκθέσεων. Σήμερον θὰ ψηφισθοῦν τὰ πορίσματα τοῦ Συνεδρίου.

ΔΙΑΓΩΝΙΣΜΟΙ ΣΥΓΓΡΑΦΗΣ ΔΙΔΑΚΤΙΚΩΝ ΒΙΒΛΙΩΝ

Ἡ Πρωτὴ Συνεδρίασις τοῦ Παιδαγωγικοῦ Συνεδρίου ἐτερματίσθη χθὲς μὲ τὴν ἀνάγνωσιν τῶν ἐκθέσεων. Σήμερον θὰ ψηφισθοῦν τὰ πορίσματα τοῦ Συνεδρίου.

Ο ΥΠΟΥΡΓΟΣ ΟΙΚΟΝΟΜΙΚΩΝ ΕΠΕΣΤΡΕΨΕΝ ΕΚ ΠΑΡΙΣΙΩΝ

Ὑπεγράφη χθὲς ἡ ὑπουργικὴ ἀπόφασις διὰ τῆς ὁποίας καθορίζεται τὸ ὕψος τοῦ Πασχαλινοῦ δώρου τῶν δημοσίων ὑπαλλήλων καὶ τῶν στρατιωτικῶν. Τὸ δῶρον θὰ καταβληθῇ ἐντὸς τῆς προσεχοῦς ἑβδομάδος.

ΝΕΟΣ ΑΡΧΙΕΠΙΣΚΟΠΟΣ ΤΩΝ ΚΑΘΟΛΙΚΩΝ ΕΛΛΑΔΟΣ

ΝΕΑ ΥΟΡΚΗ, 28. (Τοῦ ἀνταποκριτοῦ μας).— Κατὰ πληροφορίας ἐκ Βελιγραδίου, τρεῖς χιλιάδες Ῥῶσοι ἀξιωματικοὶ καὶ πολλοὶ Βούλγαροι ὑπάλληλοι διοικοῦν οὐσιαστικῶς τὴν Ἀλβανίαν, ἐπιβλέποντες τὴν λειτουργίαν ὅλων τῶν ὑπηρεσιῶν.

Ὑπεγράφη χθὲς ἡ ὑπουργικὴ ἀπόφασις διὰ τῆς ὁποίας καθορίζεται τὸ ὕψος τοῦ Πασχαλινοῦ δώρου τῶν δημοσίων ὑπαλλήλων καὶ τῶν στρατιωτικῶν. Τὸ δῶρον θὰ καταβληθῇ ἐντὸς τῆς προσεχοῦς ἑβδομάδος.

Ὑπεγράφη χθὲς ἡ ὑπουργικὴ ἀπόφασις διὰ τῆς ὁποίας καθορίζεται τὸ ὕψος τοῦ Πασχαλινοῦ δώρου τῶν δημοσίων ὑπαλλήλων καὶ τῶν στρατιωτικῶν. Τὸ δῶρον θὰ καταβληθῇ ἐντὸς τῆς προσεχοῦς ἑβδομάδος.

ΤΟ ΔΩΡΟΝ ΤΩΝ ΥΠΑΛΛΗΛΩΝ ΝΟΜ. ΠΡΟΣΩΠΩΝ

Ὑπεγράφη χθὲς ἡ ὑπουργικὴ ἀπόφασις διὰ τῆς ὁποίας καθορίζεται τὸ ὕψος τοῦ Πασχαλινοῦ δώρου τῶν δημοσίων ὑπαλλήλων καὶ τῶν στρατιωτικῶν. Τὸ δῶρον θὰ καταβληθῇ ἐντὸς τῆς προσεχοῦς ἑβδομάδος.

ΤΟ ΠΑΣΧΑΛΙΝΟ ΕΠΙΔΟΜΑ ΤΩΝ ΝΑΥΤΕΡΓΑΤΩΝ

Ὑπεγράφη χθὲς ἡ ὑπουργικὴ ἀπόφασις διὰ τῆς ὁποίας καθορίζεται τὸ ὕψος τοῦ Πασχαλινοῦ δώρου τῶν δημοσίων ὑπαλλήλων καὶ τῶν στρατιωτικῶν. Τὸ δῶρον θὰ καταβληθῇ ἐντὸς τῆς προσεχοῦς ἑβδομάδος.

ΤΟ ΔΩΡΟΝ ΤΩΝ ΥΠΟΥΡΓΩΝ ΝΑΥΤΕΡΓΑΤΩΝ

Ὑπεγράφη χθὲς ἡ ὑπουργικὴ ἀπόφασις διὰ τῆς ὁποίας καθορίζεται τὸ ὕψος τοῦ Πασχαλινοῦ δώρου τῶν δημοσίων ὑπαλλήλων καὶ τῶν στρατιωτικῶν. Τὸ δῶρον θὰ καταβληθῇ ἐντὸς τῆς προσεχοῦς ἑβδομάδος.

ΟΙ ΕΠΙΔΟΜΑΤΟΥΧΟΙ ΤΟΥ ΥΠΟΥΡΓ. ΕΡΓΑΣΙΑΣ

Ὑπεγράφη χθὲς ἡ ὑπουργικὴ ἀπόφασις διὰ τῆς ὁποίας καθορίζεται τὸ ὕψος τοῦ Πασχαλινοῦ δώρου τῶν δημοσίων ὑπαλλήλων καὶ τῶν στρατιωτικῶν. Τὸ δῶρον θὰ καταβληθῇ ἐντὸς τῆς προσεχοῦς ἑβδομάδος.

ΤΕΡΜΑΤΙΖΟΝΤΑΙ ΣΗΜΕΡΟΝ ΑΙ ΕΡΓΑΣΙΑΙ ΤΟΥ ΠΑΙΔΑΓΩΓΙΚΟΥ ΣΥΝΕΔΡΙΟΥ ΑΘΗΝΩΝ

Ἡ Πρωτὴ Συνεδρίασις τοῦ Παιδαγωγικοῦ Συνεδρίου ἐτερματίσθη χθὲς μὲ τὴν ἀνάγνωσιν τῶν ἐκθέσεων. Σήμερον θὰ ψηφισθοῦν τὰ πορίσματα τοῦ Συνεδρίου.

Ἡ Πρωτὴ Συνεδρίασις τοῦ Παιδαγωγικοῦ Συνεδρίου ἐτερματίσθη χθὲς μὲ τὴν ἀνάγνωσιν τῶν ἐκθέσεων. Σήμερον θὰ ψηφισθοῦν τὰ πορίσματα τοῦ Συνεδρίου.

Η ΣΚΩΤΛΑΝΤ ΓΙΑΡΝΤ ΕΥΡΙΣΚΕΤΑΙ ΗΔΗ ΕΠΙ ΤΑ ΙΧΝΗ ΤΟΥ ΛΑΝΔΡΥ ΤΟΥ ΛΟΝΔΙΝΟΥ ΤΖΩΝ ΡΕΓΓ. ΚΡΙΣΤΙ

ΛΟΝΔΙΝΟΝ, 28. (Γαλλ. Πρακτ.).— Ἡ Σκώτλαντ Γιὰρντ ἀνεκοίνωσε ὅτι εὑρίσκεται ἐπὶ τὰ ἴχνη τοῦ Τζὼν Ρέτζ. Κρίστι, ὁ ὁποῖος κατηγορεῖται διὰ σειρὰν φόνων. Ἡ ἀστυνομία ἐκτελεῖ ἐρεύνας εἰς ὅλην τὴν χώραν.

ΛΟΝΔΙΝΟΝ, 28. (Γαλλ. Πρακτ.).— Ἡ Σκώτλαντ Γιὰρντ ἀνεκοίνωσε ὅτι εὑρίσκεται ἐπὶ τὰ ἴχνη τοῦ Τζὼν Ρέτζ. Κρίστι, ὁ ὁποῖος κατηγορεῖται διὰ σειρὰν φόνων. Ἡ ἀστυνομία ἐκτελεῖ ἐρεύνας εἰς ὅλην τὴν χώραν.

ΛΟΝΔΙΝΟΝ, 28. (Γαλλ. Πρακτ.).— Ἡ Σκώτλαντ Γιὰρντ ἀνεκοίνωσε ὅτι εὑρίσκεται ἐπὶ τὰ ἴχνη τοῦ Τζὼν Ρέτζ. Κρίστι, ὁ ὁποῖος κατηγορεῖται διὰ σειρὰν φόνων. Ἡ ἀστυνομία ἐκτελεῖ ἐρεύνας εἰς ὅλην τὴν χώραν.
